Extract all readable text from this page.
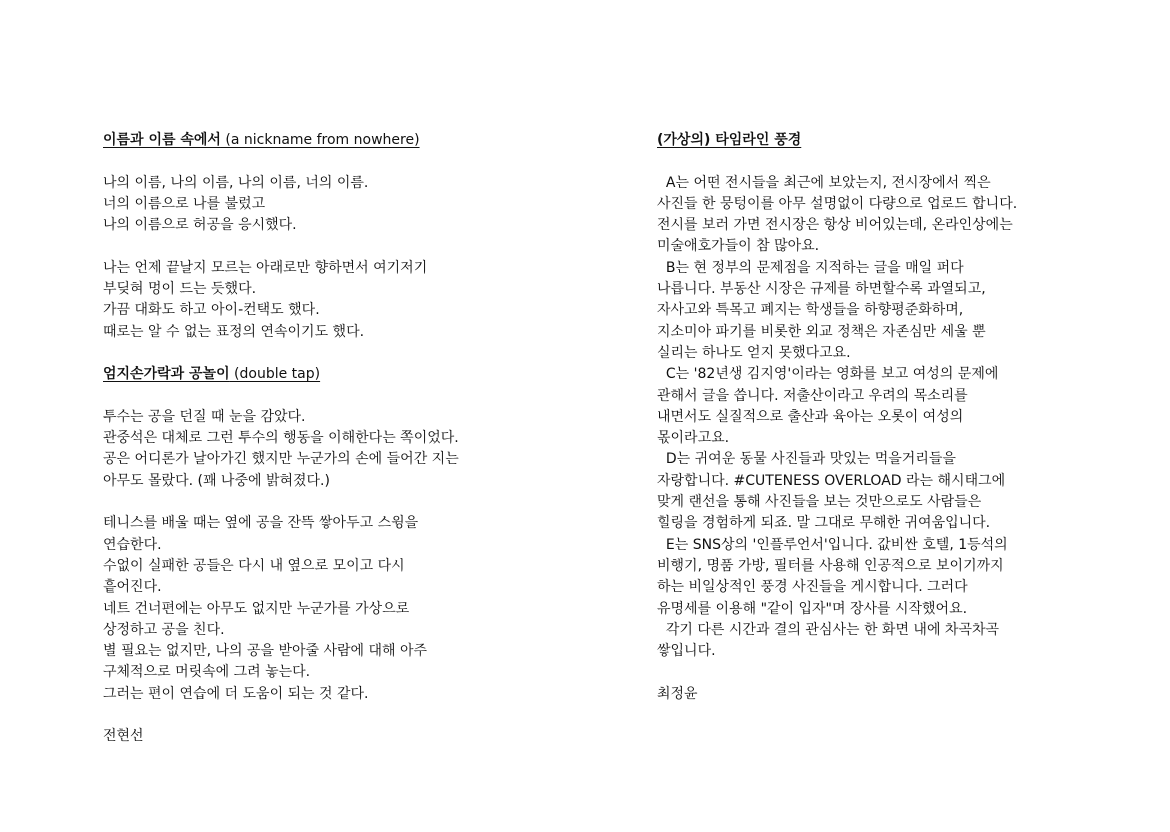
이름과 이름 속에서 (a nickname from nowhere)

나의 이름, 나의 이름, 나의 이름, 너의 이름.

너의 이름으로 나를 불렀고

나의 이름으로 허공을 응시했다.

나는 언제 끝날지 모르는 아래로만 향하면서 여기저기

부딪혀 멍이 드는 듯했다.

가끔 대화도 하고 아이-컨택도 했다.

때로는 알 수 없는 표정의 연속이기도 했다.

엄지손가락과 공놀이 (double tap)

투수는 공을 던질 때 눈을 감았다.

관중석은 대체로 그런 투수의 행동을 이해한다는 쪽이었다.

공은 어디론가 날아가긴 했지만 누군가의 손에 들어간 지는

아무도 몰랐다. (꽤 나중에 밝혀졌다.)

테니스를 배울 때는 옆에 공을 잔뜩 쌓아두고 스윙을

연습한다.

수없이 실패한 공들은 다시 내 옆으로 모이고 다시

흩어진다.

네트 건너편에는 아무도 없지만 누군가를 가상으로

상정하고 공을 친다.

별 필요는 없지만, 나의 공을 받아줄 사람에 대해 아주

구체적으로 머릿속에 그려 놓는다.

그러는 편이 연습에 더 도움이 되는 것 같다.

전현선

(가상의) 타임라인 풍경

A는 어떤 전시들을 최근에 보았는지, 전시장에서 찍은

사진들 한 뭉텅이를 아무 설명없이 다량으로 업로드 합니다.

전시를 보러 가면 전시장은 항상 비어있는데, 온라인상에는

미술애호가들이 참 많아요.

B는 현 정부의 문제점을 지적하는 글을 매일 퍼다

나릅니다. 부동산 시장은 규제를 하면할수록 과열되고,

자사고와 특목고 폐지는 학생들을 하향평준화하며,

지소미아 파기를 비롯한 외교 정책은 자존심만 세울 뿐

실리는 하나도 얻지 못했다고요.

C는 '82년생 김지영'이라는 영화를 보고 여성의 문제에

관해서 글을 씁니다. 저출산이라고 우려의 목소리를

내면서도 실질적으로 출산과 육아는 오롯이 여성의

몫이라고요.

D는 귀여운 동물 사진들과 맛있는 먹을거리들을

자랑합니다. #CUTENESS OVERLOAD 라는 해시태그에

맞게 랜선을 통해 사진들을 보는 것만으로도 사람들은

힐링을 경험하게 되죠. 말 그대로 무해한 귀여움입니다.

E는 SNS상의 '인플루언서'입니다. 값비싼 호텔, 1등석의

비행기, 명품 가방, 필터를 사용해 인공적으로 보이기까지

하는 비일상적인 풍경 사진들을 게시합니다. 그러다

유명세를 이용해 "같이 입자"며 장사를 시작했어요.

각기 다른 시간과 결의 관심사는 한 화면 내에 차곡차곡

쌓입니다.

최정윤
